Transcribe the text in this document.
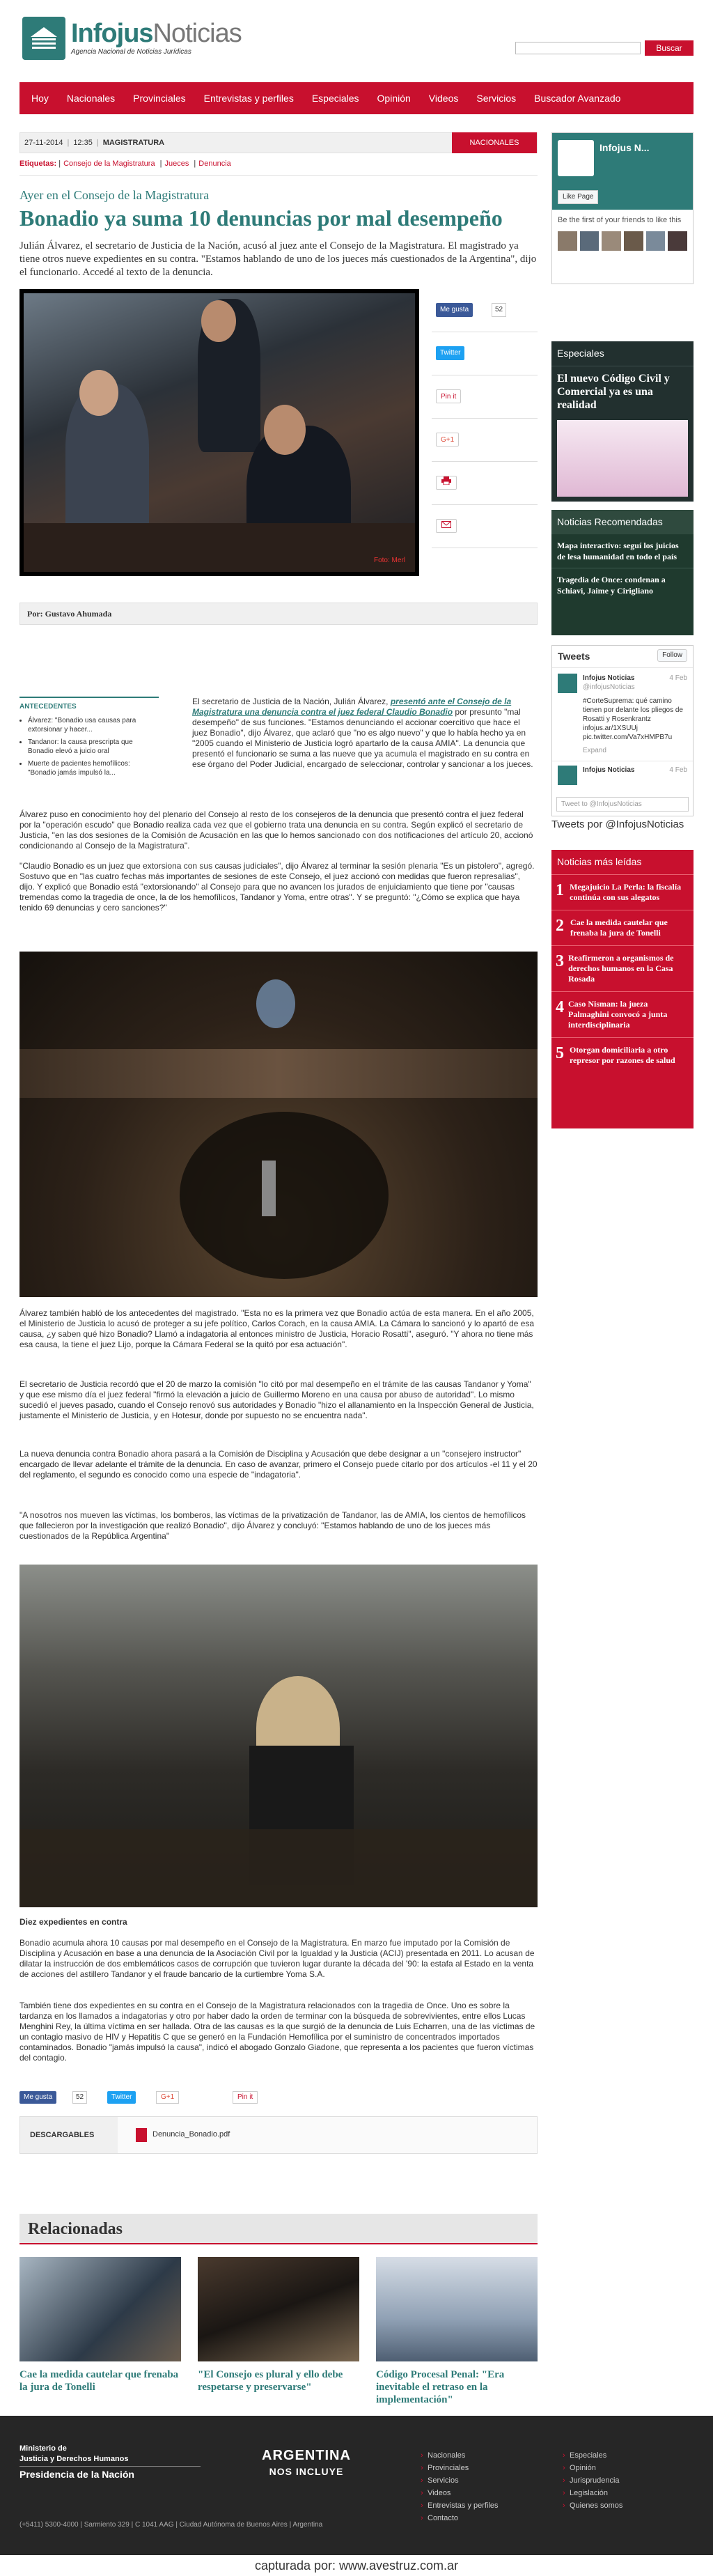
InfojusNoticias
Agencia Nacional de Noticias Jurídicas	Buscar
Hoy	Nacionales	Provinciales	Entrevistas y perfiles	Especiales	Opinión	Videos	Servicios	Buscador Avanzado
27-11-2014 | 12:35 | MAGISTRATURA	NACIONALES
Etiquetas: | Consejo de la Magistratura | Jueces | Denuncia
Ayer en el Consejo de la Magistratura
Bonadio ya suma 10 denuncias por mal desempeño

Julián Álvarez, el secretario de Justicia de la Nación, acusó al juez ante el Consejo de la Magistratura. El magistrado ya tiene otros nueve expedientes en su contra. "Estamos hablando de uno de los jueces más cuestionados de la Argentina", dijo el funcionario. Accedé al texto de la denuncia.

Foto: Merl
Me gusta	52
Twitter
Pin it
G+1
Por: Gustavo Ahumada
ANTECEDENTES
• Álvarez: "Bonadio usa causas para extorsionar y hacer...
• Tandanor: la causa prescripta que Bonadio elevó a juicio oral
• Muerte de pacientes hemofílicos: "Bonadio jamás impulsó la...

El secretario de Justicia de la Nación, Julián Álvarez, presentó ante el Consejo de la Magistratura una denuncia contra el juez federal Claudio Bonadio por presunto "mal desempeño" de sus funciones. "Estamos denunciando el accionar coercitivo que hace el juez Bonadio", dijo Álvarez, que aclaró que "no es algo nuevo" y que lo había hecho ya en "2005 cuando el Ministerio de Justicia logró apartarlo de la causa AMIA". La denuncia que presentó el funcionario se suma a las nueve que ya acumula el magistrado en su contra en ese órgano del Poder Judicial, encargado de seleccionar, controlar y sancionar a los jueces.

Álvarez puso en conocimiento hoy del plenario del Consejo al resto de los consejeros de la denuncia que presentó contra el juez federal por la "operación escudo" que Bonadio realiza cada vez que el gobierno trata una denuncia en su contra. Según explicó el secretario de Justicia, "en las dos sesiones de la Comisión de Acusación en las que lo hemos sancionado con dos notificaciones del artículo 20, accionó condicionando al Consejo de la Magistratura".

"Claudio Bonadio es un juez que extorsiona con sus causas judiciales", dijo Álvarez al terminar la sesión plenaria "Es un pistolero", agregó. Sostuvo que en "las cuatro fechas más importantes de sesiones de este Consejo, el juez accionó con medidas que fueron represalias", dijo. Y explicó que Bonadio está "extorsionando" al Consejo para que no avancen los jurados de enjuiciamiento que tiene por "causas tremendas como la tragedia de once, la de los hemofílicos, Tandanor y Yoma, entre otras". Y se preguntó: "¿Cómo se explica que haya tenido 69 denuncias y cero sanciones?"

Álvarez también habló de los antecedentes del magistrado. "Esta no es la primera vez que Bonadio actúa de esta manera. En el año 2005, el Ministerio de Justicia lo acusó de proteger a su jefe político, Carlos Corach, en la causa AMIA. La Cámara lo sancionó y lo apartó de esa causa, ¿y saben qué hizo Bonadio? Llamó a indagatoria al entonces ministro de Justicia, Horacio Rosatti", aseguró. "Y ahora no tiene más esa causa, la tiene el juez Lijo, porque la Cámara Federal se la quitó por esa actuación".

El secretario de Justicia recordó que el 20 de marzo la comisión "lo citó por mal desempeño en el trámite de las causas Tandanor y Yoma" y que ese mismo día el juez federal "firmó la elevación a juicio de Guillermo Moreno en una causa por abuso de autoridad". Lo mismo sucedió el jueves pasado, cuando el Consejo renovó sus autoridades y Bonadio "hizo el allanamiento en la Inspección General de Justicia, justamente el Ministerio de Justicia, y en Hotesur, donde por supuesto no se encuentra nada".

La nueva denuncia contra Bonadio ahora pasará a la Comisión de Disciplina y Acusación que debe designar a un "consejero instructor" encargado de llevar adelante el trámite de la denuncia. En caso de avanzar, primero el Consejo puede citarlo por dos artículos -el 11 y el 20 del reglamento, el segundo es conocido como una especie de "indagatoria".

"A nosotros nos mueven las víctimas, los bomberos, las víctimas de la privatización de Tandanor, las de AMIA, los cientos de hemofílicos que fallecieron por la investigación que realizó Bonadio", dijo Álvarez y concluyó: "Estamos hablando de uno de los jueces más cuestionados de la República Argentina"

Diez expedientes en contra

Bonadio acumula ahora 10 causas por mal desempeño en el Consejo de la Magistratura. En marzo fue imputado por la Comisión de Disciplina y Acusación en base a una denuncia de la Asociación Civil por la Igualdad y la Justicia (ACIJ) presentada en 2011. Lo acusan de dilatar la instrucción de dos emblemáticos casos de corrupción que tuvieron lugar durante la década del '90: la estafa al Estado en la venta de acciones del astillero Tandanor y el fraude bancario de la curtiembre Yoma S.A.

También tiene dos expedientes en su contra en el Consejo de la Magistratura relacionados con la tragedia de Once. Uno es sobre la tardanza en los llamados a indagatorias y otro por haber dado la orden de terminar con la búsqueda de sobrevivientes, entre ellos Lucas Menghini Rey, la última víctima en ser hallada. Otra de las causas es la que surgió de la denuncia de Luis Echarren, una de las víctimas de un contagio masivo de HIV y Hepatitis C que se generó en la Fundación Hemofílica por el suministro de concentrados importados contaminados. Bonadio "jamás impulsó la causa", indicó el abogado Gonzalo Giadone, que representa a los pacientes que fueron víctimas del contagio.

Me gusta	52	Twitter	G+1	Pin it
DESCARGABLES	Denuncia_Bonadio.pdf
Relacionadas
Cae la medida cautelar que frenaba la jura de Tonelli
"El Consejo es plural y ello debe respetarse y preservarse"
Código Procesal Penal: "Era inevitable el retraso en la implementación"
Infojus N...
Like Page
Be the first of your friends to like this
Especiales
El nuevo Código Civil y Comercial ya es una realidad
Noticias Recomendadas
Mapa interactivo: seguí los juicios de lesa humanidad en todo el país
Tragedia de Once: condenan a Schiavi, Jaime y Cirigliano
Tweets	Follow
Infojus Noticias	4 Feb

@infojusNoticias

#CorteSuprema: qué camino tienen por delante los pliegos de Rosatti y Rosenkrantz infojus.ar/1XSUUj pic.twitter.com/Va7xHMPB7u

Expand
Infojus Noticias	4 Feb
Tweet to @InfojusNoticias
Tweets por @InfojusNoticias
Noticias más leídas
1 Megajuicio La Perla: la fiscalía continúa con sus alegatos
2 Cae la medida cautelar que frenaba la jura de Tonelli
3 Reafirmeron a organismos de derechos humanos en la Casa Rosada
4 Caso Nisman: la jueza Palmaghini convocó a junta interdisciplinaria
5 Otorgan domiciliaria a otro represor por razones de salud
Ministerio de
Justicia y Derechos Humanos
Presidencia de la Nación
ARGENTINA
NOS INCLUYE
(+5411) 5300-4000 | Sarmiento 329 | C 1041 AAG | Ciudad Autónoma de Buenos Aires | Argentina
› Nacionales
› Provinciales
› Servicios
› Videos
› Entrevistas y perfiles
› Contacto
› Especiales
› Opinión
› Jurisprudencia
› Legislación
› Quienes somos
capturada por: www.avestruz.com.ar
